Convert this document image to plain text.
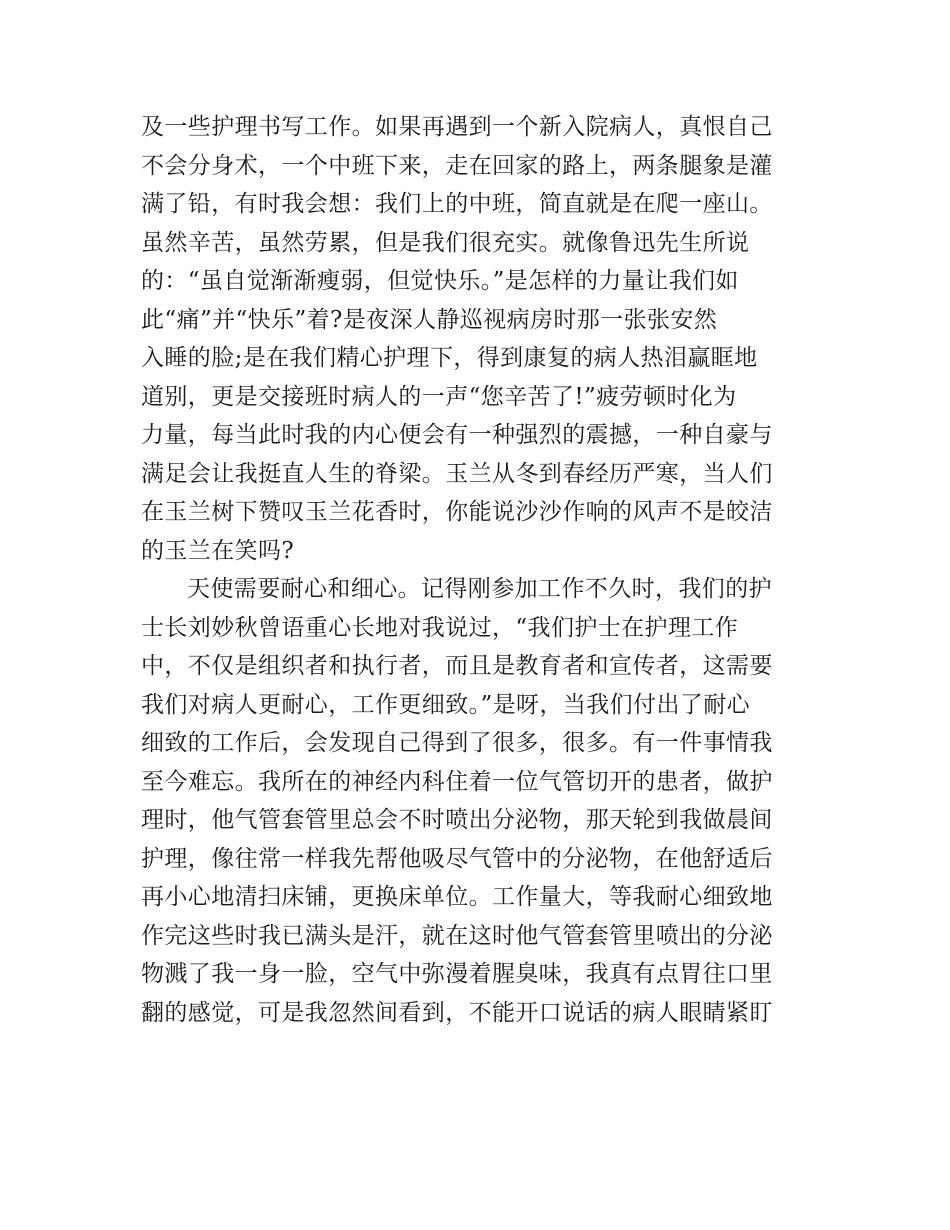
及一些护理书写工作。如果再遇到一个新入院病人，真恨自己
不会分身术，一个中班下来，走在回家的路上，两条腿象是灌
满了铅，有时我会想：我们上的中班，简直就是在爬一座山。
虽然辛苦，虽然劳累，但是我们很充实。就像鲁迅先生所说
的：“虽自觉渐渐瘦弱，但觉快乐。”是怎样的力量让我们如
此“痛”并“快乐”着?是夜深人静巡视病房时那一张张安然
入睡的脸;是在我们精心护理下，得到康复的病人热泪赢眶地
道别，更是交接班时病人的一声“您辛苦了!”疲劳顿时化为
力量，每当此时我的内心便会有一种强烈的震撼，一种自豪与
满足会让我挺直人生的脊梁。玉兰从冬到春经历严寒，当人们
在玉兰树下赞叹玉兰花香时，你能说沙沙作响的风声不是皎洁
的玉兰在笑吗?
天使需要耐心和细心。记得刚参加工作不久时，我们的护
士长刘妙秋曾语重心长地对我说过，“我们护士在护理工作
中，不仅是组织者和执行者，而且是教育者和宣传者，这需要
我们对病人更耐心，工作更细致。”是呀，当我们付出了耐心
细致的工作后，会发现自己得到了很多，很多。有一件事情我
至今难忘。我所在的神经内科住着一位气管切开的患者，做护
理时，他气管套管里总会不时喷出分泌物，那天轮到我做晨间
护理，像往常一样我先帮他吸尽气管中的分泌物，在他舒适后
再小心地清扫床铺，更换床单位。工作量大，等我耐心细致地
作完这些时我已满头是汗，就在这时他气管套管里喷出的分泌
物溅了我一身一脸，空气中弥漫着腥臭味，我真有点胃往口里
翻的感觉，可是我忽然间看到，不能开口说话的病人眼睛紧盯
